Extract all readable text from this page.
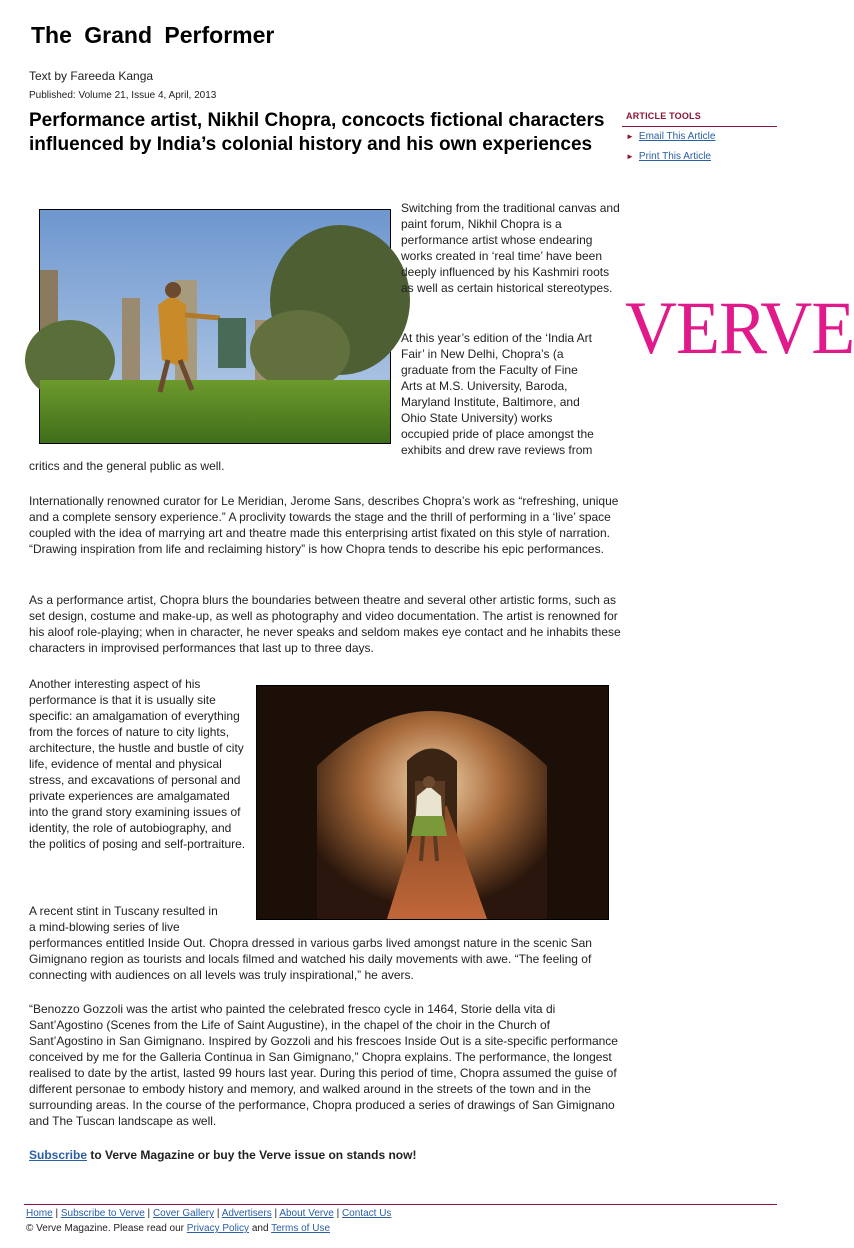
The Grand Performer
Text by Fareeda Kanga
Published: Volume 21, Issue 4, April, 2013
Performance artist, Nikhil Chopra, concocts fictional characters influenced by India’s colonial history and his own experiences
ARTICLE TOOLS
► Email This Article
► Print This Article
VERVE
Switching from the traditional canvas and paint forum, Nikhil Chopra is a performance artist whose endearing works created in ‘real time’ have been deeply influenced by his Kashmiri roots as well as certain historical stereotypes.
At this year’s edition of the ‘India Art
Fair’ in New Delhi, Chopra’s (a
graduate from the Faculty of Fine
Arts at M.S. University, Baroda,
Maryland Institute, Baltimore, and
Ohio State University) works
occupied pride of place amongst the
exhibits and drew rave reviews from
critics and the general public as well.
Internationally renowned curator for Le Meridian, Jerome Sans, describes Chopra’s work as “refreshing, unique and a complete sensory experience.” A proclivity towards the stage and the thrill of performing in a ‘live’ space coupled with the idea of marrying art and theatre made this enterprising artist fixated on this style of narration. “Drawing inspiration from life and reclaiming history” is how Chopra tends to describe his epic performances.
As a performance artist, Chopra blurs the boundaries between theatre and several other artistic forms, such as set design, costume and make-up, as well as photography and video documentation. The artist is renowned for his aloof role-playing; when in character, he never speaks and seldom makes eye contact and he inhabits these characters in improvised performances that last up to three days.
Another interesting aspect of his performance is that it is usually site specific: an amalgamation of everything from the forces of nature to city lights, architecture, the hustle and bustle of city life, evidence of mental and physical stress, and excavations of personal and private experiences are amalgamated into the grand story examining issues of identity, the role of autobiography, and the politics of posing and self-portraiture.
A recent stint in Tuscany resulted in
a mind-blowing series of live
performances entitled Inside Out. Chopra dressed in various garbs lived amongst nature in the scenic San Gimignano region as tourists and locals filmed and watched his daily movements with awe. “The feeling of connecting with audiences on all levels was truly inspirational,” he avers.
“Benozzo Gozzoli was the artist who painted the celebrated fresco cycle in 1464, Storie della vita di Sant’Agostino (Scenes from the Life of Saint Augustine), in the chapel of the choir in the Church of Sant’Agostino in San Gimignano. Inspired by Gozzoli and his frescoes Inside Out is a site-specific performance conceived by me for the Galleria Continua in San Gimignano,” Chopra explains. The performance, the longest realised to date by the artist, lasted 99 hours last year. During this period of time, Chopra assumed the guise of different personae to embody history and memory, and walked around in the streets of the town and in the surrounding areas. In the course of the performance, Chopra produced a series of drawings of San Gimignano and The Tuscan landscape as well.
Subscribe to Verve Magazine or buy the Verve issue on stands now!
Home | Subscribe to Verve | Cover Gallery | Advertisers | About Verve | Contact Us
© Verve Magazine. Please read our Privacy Policy and Terms of Use
